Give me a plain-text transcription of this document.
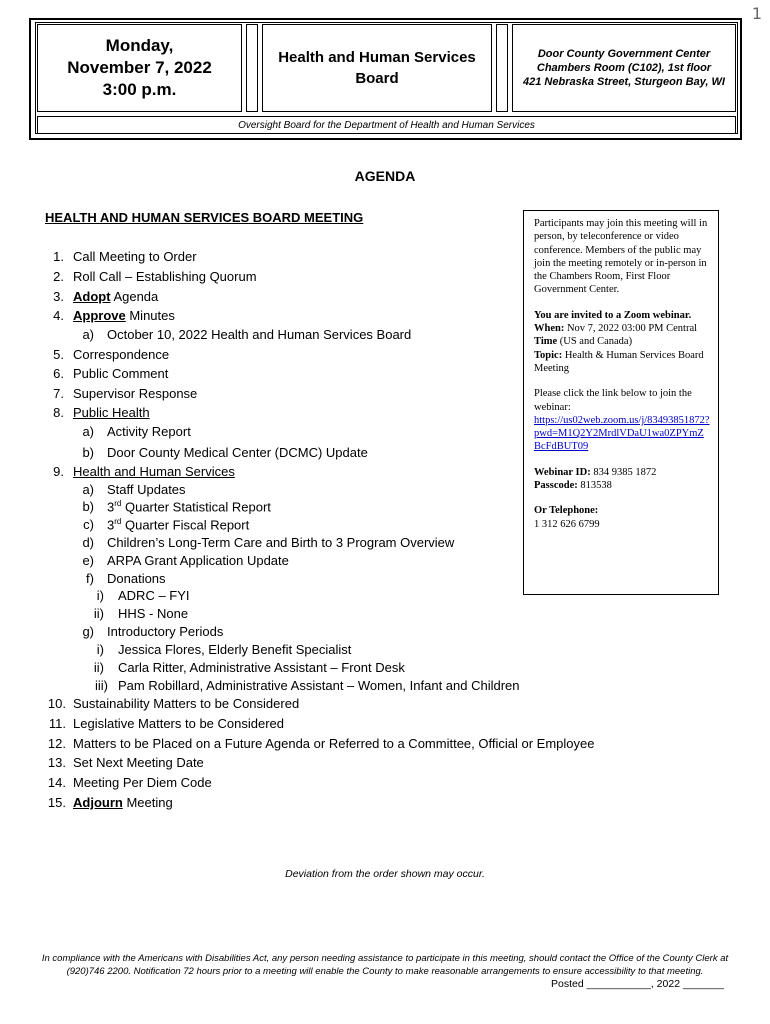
1
Monday,
November 7, 2022
3:00 p.m.
Health and Human Services
Board
Door County Government Center
Chambers Room (C102), 1st floor
421 Nebraska Street, Sturgeon Bay, WI
Oversight Board for the Department of Health and Human Services
AGENDA
HEALTH AND HUMAN SERVICES BOARD MEETING
1. Call Meeting to Order
2. Roll Call – Establishing Quorum
3. Adopt Agenda
4. Approve Minutes
a) October 10, 2022 Health and Human Services Board
5. Correspondence
6. Public Comment
7. Supervisor Response
8. Public Health
a) Activity Report
b) Door County Medical Center (DCMC) Update
9. Health and Human Services
a) Staff Updates
b) 3rd Quarter Statistical Report
c) 3rd Quarter Fiscal Report
d) Children’s Long-Term Care and Birth to 3 Program Overview
e) ARPA Grant Application Update
f) Donations
i) ADRC – FYI
ii) HHS - None
g) Introductory Periods
i) Jessica Flores, Elderly Benefit Specialist
ii) Carla Ritter, Administrative Assistant – Front Desk
iii) Pam Robillard, Administrative Assistant – Women, Infant and Children
10. Sustainability Matters to be Considered
11. Legislative Matters to be Considered
12. Matters to be Placed on a Future Agenda or Referred to a Committee, Official or Employee
13. Set Next Meeting Date
14. Meeting Per Diem Code
15. Adjourn Meeting

Participants may join this meeting will in person, by teleconference or video conference. Members of the public may join the meeting remotely or in-person in the Chambers Room, First Floor Government Center.

You are invited to a Zoom webinar.
When: Nov 7, 2022 03:00 PM Central Time (US and Canada)
Topic: Health & Human Services Board Meeting

Please click the link below to join the webinar:
https://us02web.zoom.us/j/83493851872?pwd=M1Q2Y2MrdlVDaU1wa0ZPYmZBcFdBUT09

Webinar ID: 834 9385 1872
Passcode: 813538

Or Telephone:
1 312 626 6799

Deviation from the order shown may occur.
In compliance with the Americans with Disabilities Act, any person needing assistance to participate in this meeting, should contact the Office of the County Clerk at (920)746 2200. Notification 72 hours prior to a meeting will enable the County to make reasonable arrangements to ensure accessibility to that meeting.
Posted ___________, 2022 _______
